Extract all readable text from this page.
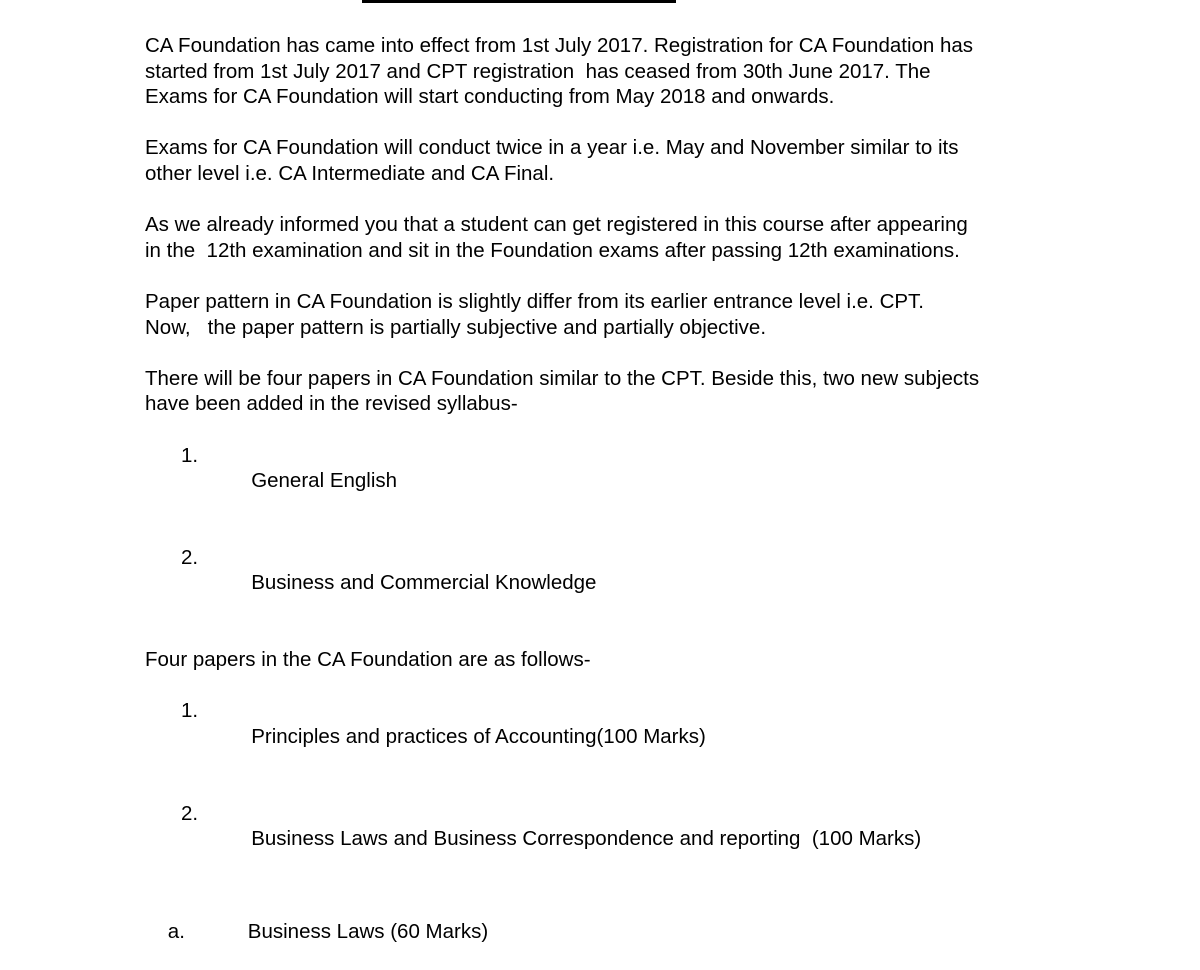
CA Foundation has came into effect from 1st July 2017. Registration for CA Foundation has
started from 1st July 2017 and CPT registration  has ceased from 30th June 2017. The
Exams for CA Foundation will start conducting from May 2018 and onwards.

Exams for CA Foundation will conduct twice in a year i.e. May and November similar to its
other level i.e. CA Intermediate and CA Final.

As we already informed you that a student can get registered in this course after appearing
in the  12th examination and sit in the Foundation exams after passing 12th examinations.

Paper pattern in CA Foundation is slightly differ from its earlier entrance level i.e. CPT.
Now,   the paper pattern is partially subjective and partially objective.

There will be four papers in CA Foundation similar to the CPT. Beside this, two new subjects
have been added in the revised syllabus-

1.

General English

2.

Business and Commercial Knowledge

Four papers in the CA Foundation are as follows-

1.

Principles and practices of Accounting(100 Marks)

2.

Business Laws and Business Correspondence and reporting  (100 Marks)

a.	Business Laws (60 Marks)
